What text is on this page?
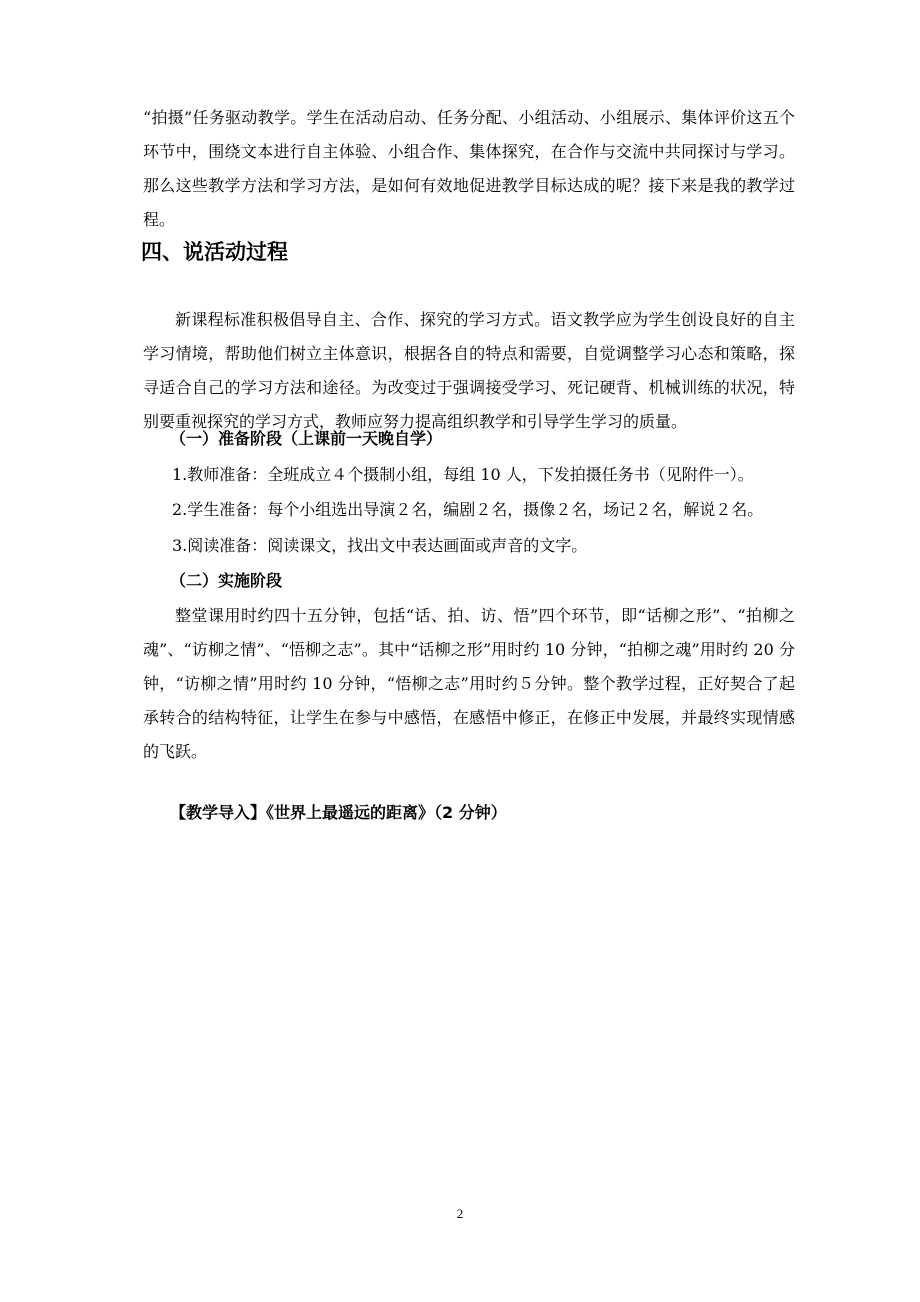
“拍摄”任务驱动教学。学生在活动启动、任务分配、小组活动、小组展示、集体评价这五个环节中，围绕文本进行自主体验、小组合作、集体探究，在合作与交流中共同探讨与学习。那么这些教学方法和学习方法，是如何有效地促进教学目标达成的呢？接下来是我的教学过程。

四、说活动过程

新课程标准积极倡导自主、合作、探究的学习方式。语文教学应为学生创设良好的自主学习情境，帮助他们树立主体意识，根据各自的特点和需要，自觉调整学习心态和策略，探寻适合自己的学习方法和途径。为改变过于强调接受学习、死记硬背、机械训练的状况，特别要重视探究的学习方式，教师应努力提高组织教学和引导学生学习的质量。

（一）准备阶段（上课前一天晚自学）

1.教师准备：全班成立４个摄制小组，每组 10 人，下发拍摄任务书（见附件一）。

2.学生准备：每个小组选出导演２名，编剧２名，摄像２名，场记２名，解说２名。

3.阅读准备：阅读课文，找出文中表达画面或声音的文字。

（二）实施阶段

整堂课用时约四十五分钟，包括“话、拍、访、悟”四个环节，即“话柳之形”、“拍柳之魂”、“访柳之情”、“悟柳之志”。其中“话柳之形”用时约 10 分钟，“拍柳之魂”用时约 20 分钟，“访柳之情”用时约 10 分钟，“悟柳之志”用时约５分钟。整个教学过程，正好契合了起承转合的结构特征，让学生在参与中感悟，在感悟中修正，在修正中发展，并最终实现情感的飞跃。

【教学导入】《世界上最遥远的距离》（2 分钟）

2
